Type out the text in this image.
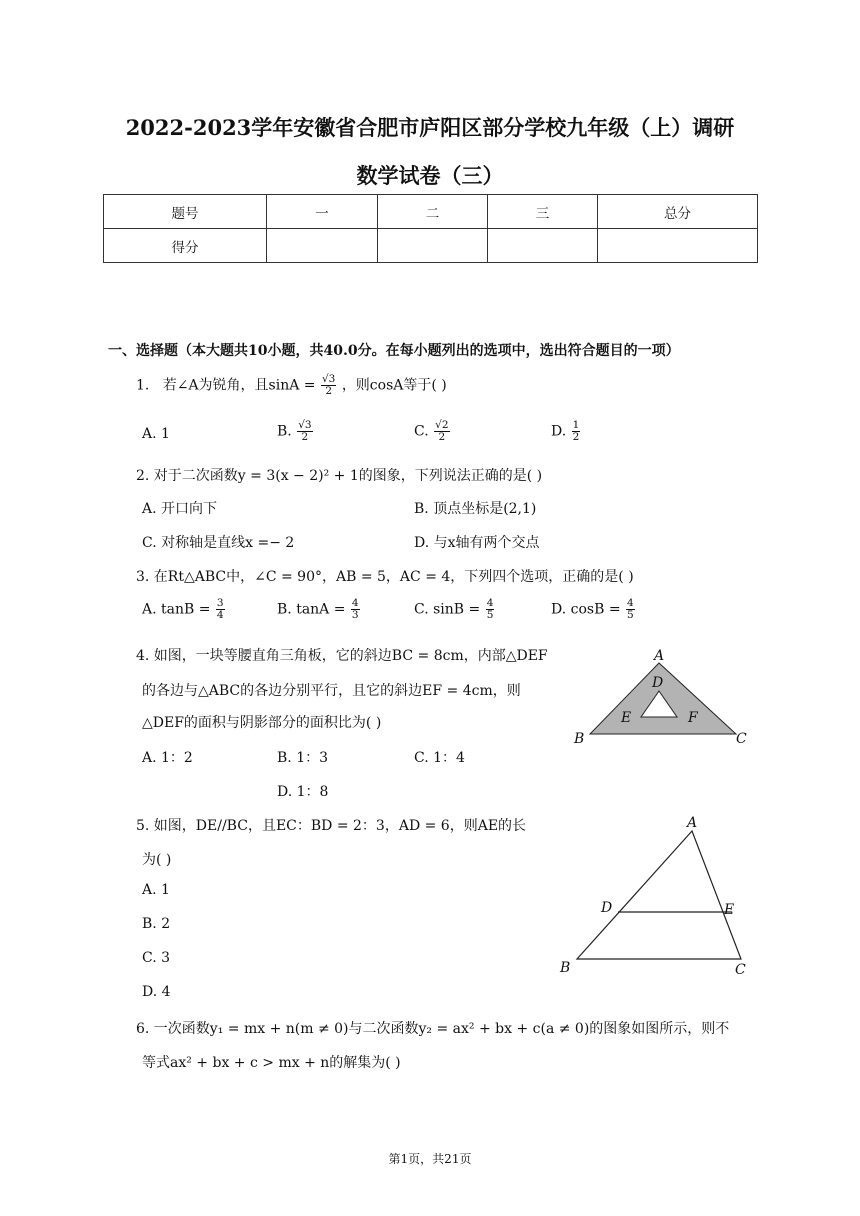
2022-2023学年安徽省合肥市庐阳区部分学校九年级（上）调研
数学试卷（三）
题号	一	二	三	总分
得分				
一、选择题（本大题共10小题，共40.0分。在每小题列出的选项中，选出符合题目的一项）
1. 若∠A为锐角，且$\sin A = \frac{√3}{2}$ ，则cosA等于( )
A. 1	B. $\frac{√3}{2}$	C. $\frac{√2}{2}$	D. $\frac{1}{2}$
2. 对于二次函数y = 3(x − 2)² + 1的图象，下列说法正确的是( )
A. 开口向下	B. 顶点坐标是(2,1)
C. 对称轴是直线x =− 2	D. 与x轴有两个交点
3. 在Rt△ABC中，∠C = 90°，AB = 5，AC = 4，下列四个选项，正确的是( )
A. $\tan B = \frac{3}{4}$	B. $\tan A = \frac{4}{3}$	C. $\sin B = \frac{4}{5}$	D. $\cos B = \frac{4}{5}$
4. 如图，一块等腰直角三角板，它的斜边BC = 8cm，内部△DEF
的各边与△ABC的各边分别平行，且它的斜边EF = 4cm，则
△DEF的面积与阴影部分的面积比为( )
A. 1：2	B. 1：3	C. 1：4
D. 1：8
A
D
E	F
B	C
5. 如图，DE//BC，且EC：BD = 2：3，AD = 6，则AE的长
为( )
A. 1
B. 2
C. 3
D. 4
A
D	E
B	C
6. 一次函数y₁ = mx + n(m ≠ 0)与二次函数y₂ = ax² + bx + c(a ≠ 0)的图象如图所示，则不
等式ax² + bx + c > mx + n的解集为( )
第1页，共21页
